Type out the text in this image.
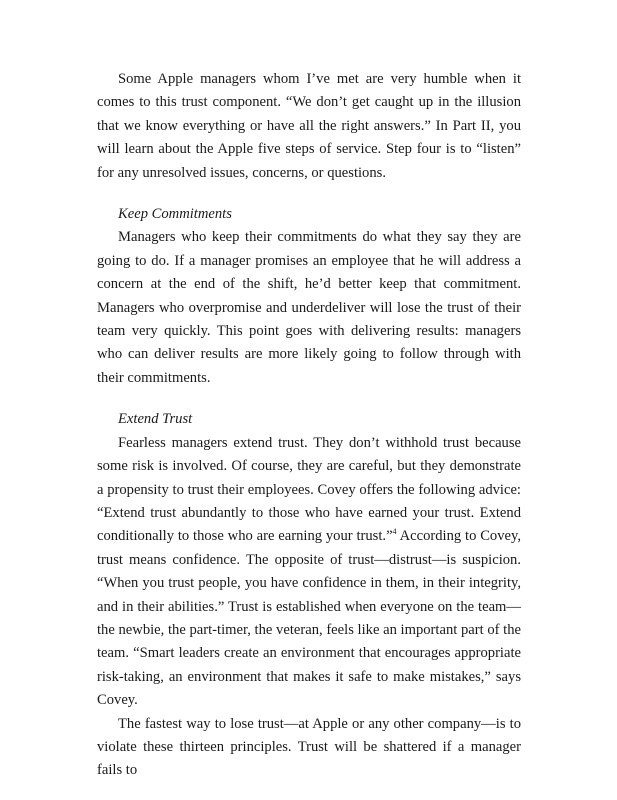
Some Apple managers whom I’ve met are very humble when it comes to this trust component. “We don’t get caught up in the illusion that we know everything or have all the right answers.” In Part II, you will learn about the Apple five steps of service. Step four is to “listen” for any unresolved issues, concerns, or questions.

Keep Commitments

Managers who keep their commitments do what they say they are going to do. If a manager promises an employee that he will address a concern at the end of the shift, he’d better keep that commitment. Managers who overpromise and underdeliver will lose the trust of their team very quickly. This point goes with delivering results: managers who can deliver results are more likely going to follow through with their commitments.

Extend Trust

Fearless managers extend trust. They don’t withhold trust because some risk is involved. Of course, they are careful, but they demonstrate a propensity to trust their employees. Covey offers the following advice: “Extend trust abundantly to those who have earned your trust. Extend conditionally to those who are earning your trust.”$^4$ According to Covey, trust means confidence. The opposite of trust—distrust—is suspicion. “When you trust people, you have confidence in them, in their integrity, and in their abilities.” Trust is established when everyone on the team—the newbie, the part-timer, the veteran, feels like an important part of the team. “Smart leaders create an environment that encourages appropriate risk-taking, an environment that makes it safe to make mistakes,” says Covey.

The fastest way to lose trust—at Apple or any other company—is to violate these thirteen principles. Trust will be shattered if a manager fails to
